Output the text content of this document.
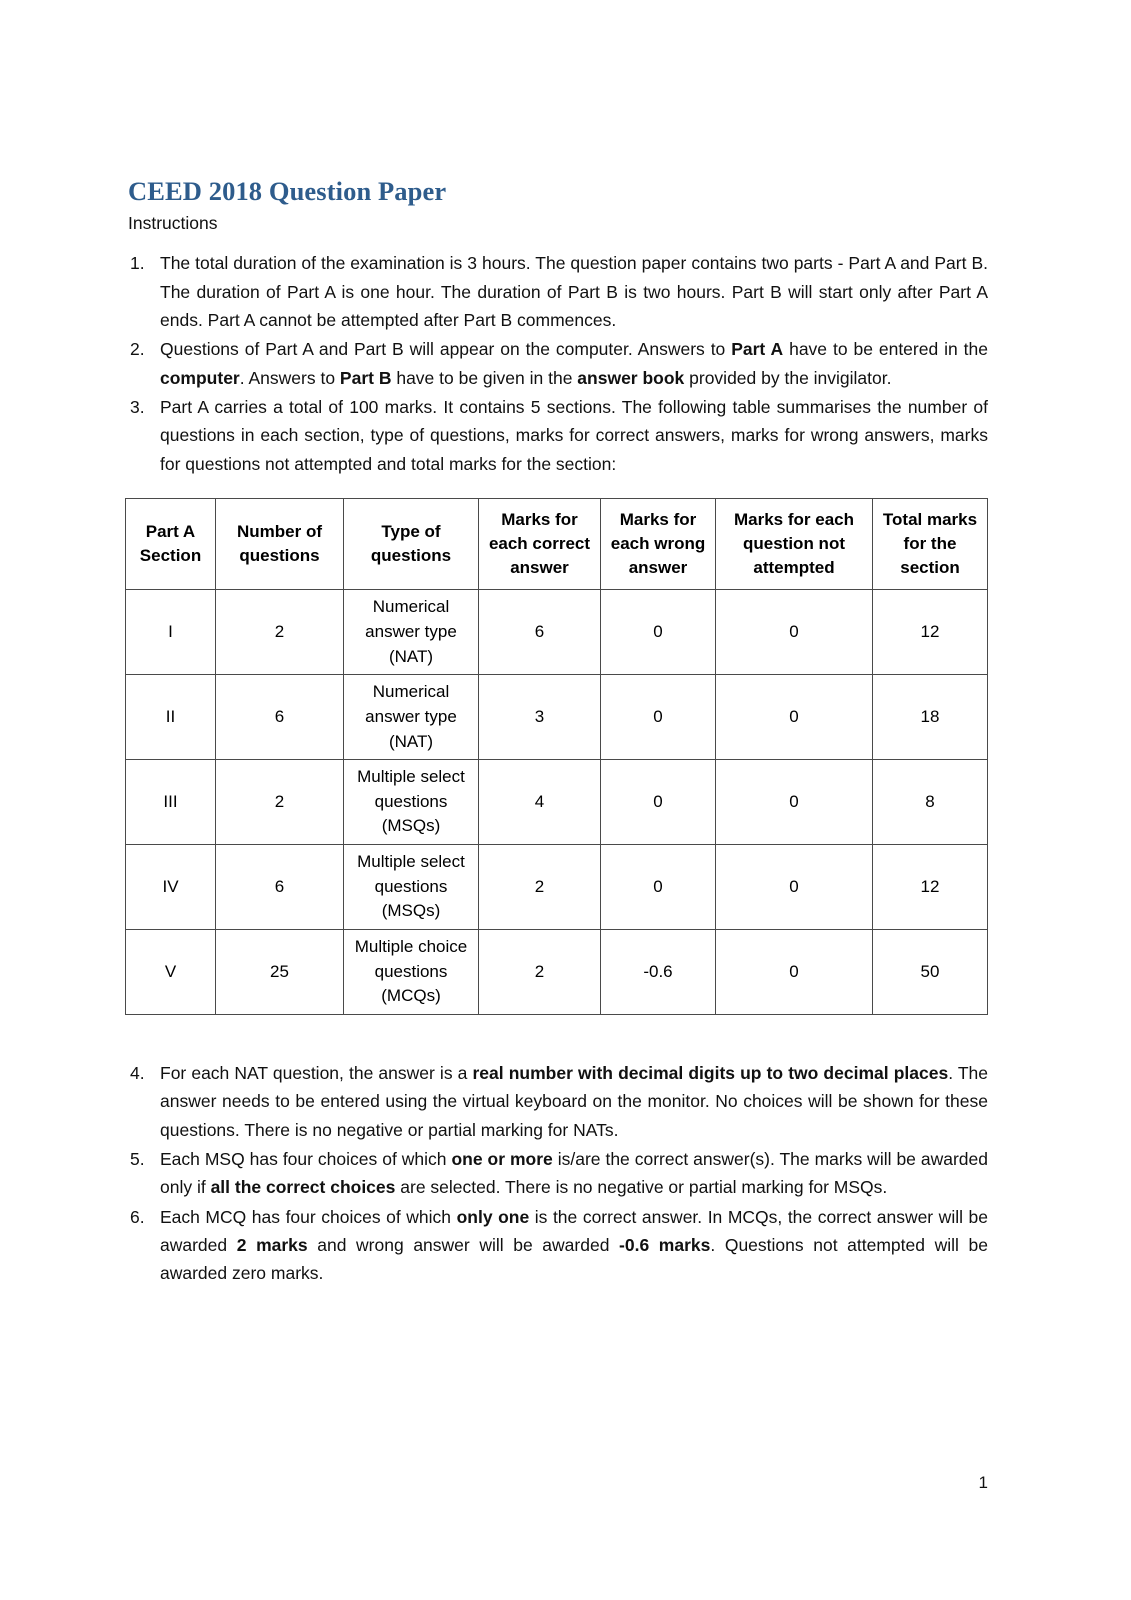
CEED 2018 Question Paper
Instructions
1. The total duration of the examination is 3 hours. The question paper contains two parts - Part A and Part B. The duration of Part A is one hour. The duration of Part B is two hours. Part B will start only after Part A ends. Part A cannot be attempted after Part B commences.
2. Questions of Part A and Part B will appear on the computer. Answers to Part A have to be entered in the computer. Answers to Part B have to be given in the answer book provided by the invigilator.
3. Part A carries a total of 100 marks. It contains 5 sections. The following table summarises the number of questions in each section, type of questions, marks for correct answers, marks for wrong answers, marks for questions not attempted and total marks for the section:
Part A Section	Number of questions	Type of questions	Marks for each correct answer	Marks for each wrong answer	Marks for each question not attempted	Total marks for the section
I	2	Numerical answer type (NAT)	6	0	0	12
II	6	Numerical answer type (NAT)	3	0	0	18
III	2	Multiple select questions (MSQs)	4	0	0	8
IV	6	Multiple select questions (MSQs)	2	0	0	12
V	25	Multiple choice questions (MCQs)	2	-0.6	0	50
4. For each NAT question, the answer is a real number with decimal digits up to two decimal places. The answer needs to be entered using the virtual keyboard on the monitor. No choices will be shown for these questions. There is no negative or partial marking for NATs.
5. Each MSQ has four choices of which one or more is/are the correct answer(s). The marks will be awarded only if all the correct choices are selected. There is no negative or partial marking for MSQs.
6. Each MCQ has four choices of which only one is the correct answer. In MCQs, the correct answer will be awarded 2 marks and wrong answer will be awarded -0.6 marks. Questions not attempted will be awarded zero marks.
1
